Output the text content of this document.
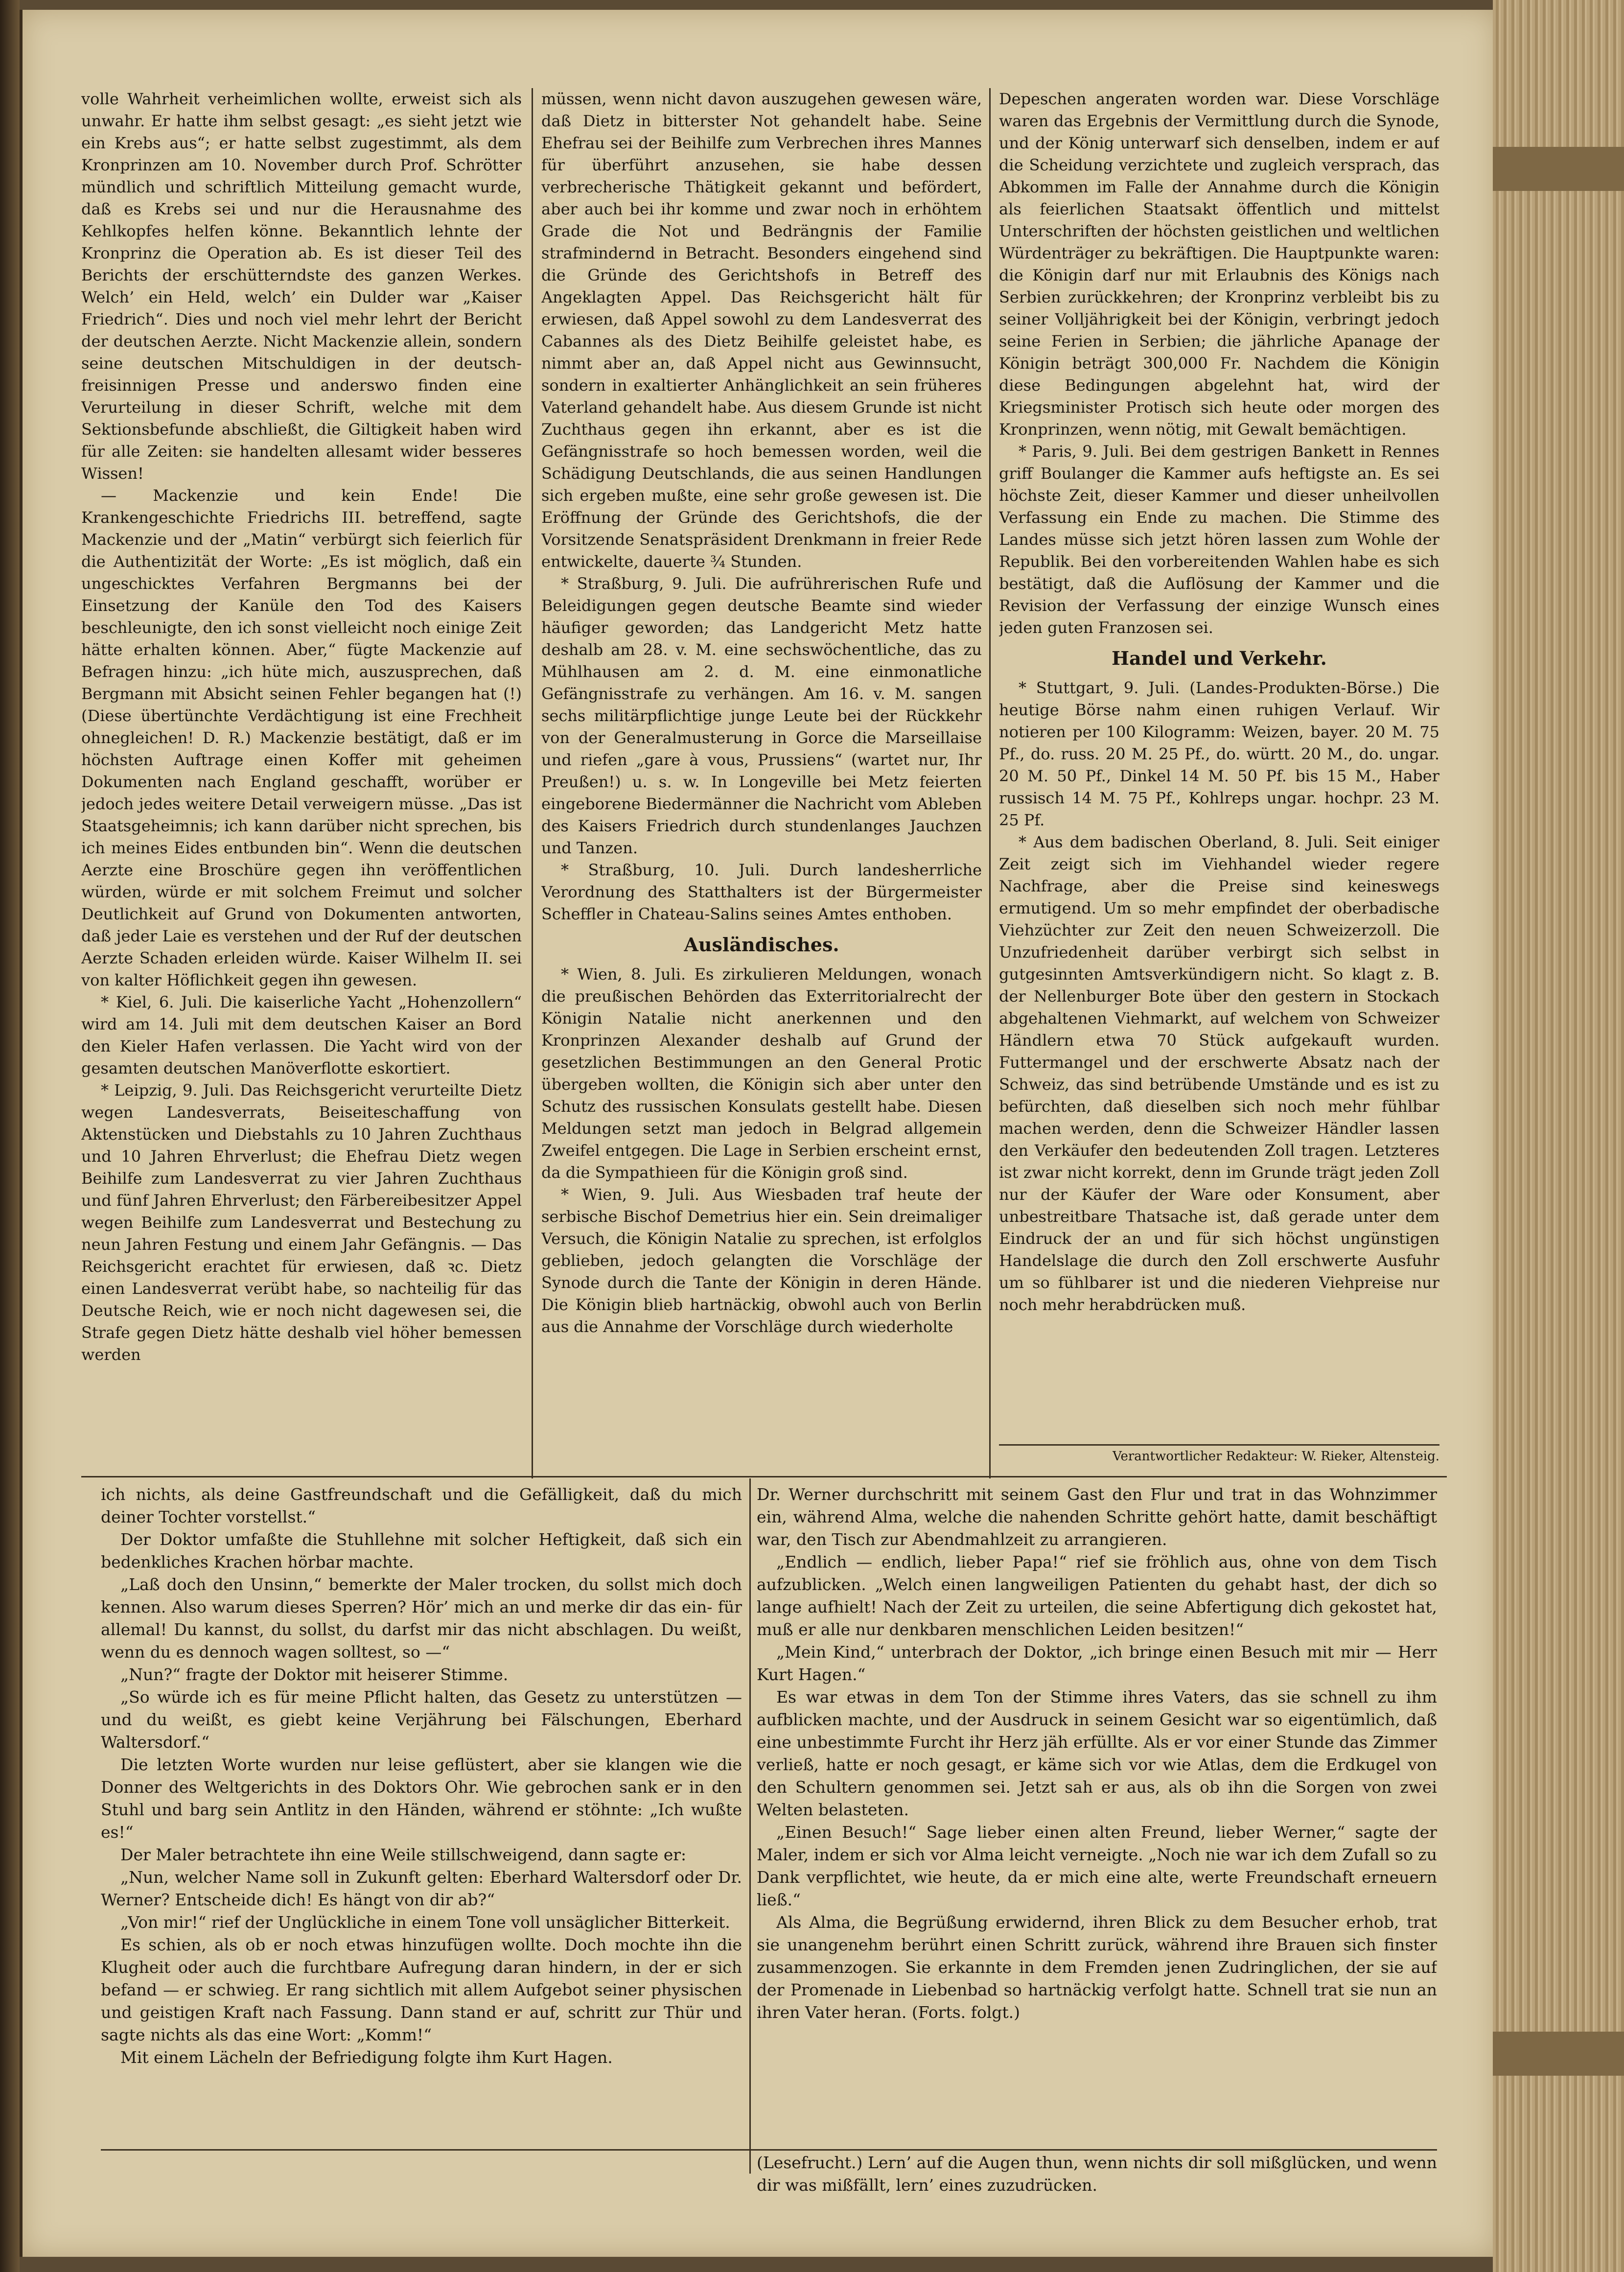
volle Wahrheit verheimlichen wollte, erweist sich als unwahr. Er hatte ihm selbst gesagt: „es sieht jetzt wie ein Krebs aus“; er hatte selbst zugestimmt, als dem Kronprinzen am 10. November durch Prof. Schrötter mündlich und schriftlich Mitteilung gemacht wurde, daß es Krebs sei und nur die Herausnahme des Kehlkopfes helfen könne. Bekanntlich lehnte der Kronprinz die Operation ab. Es ist dieser Teil des Berichts der erschütterndste des ganzen Werkes. Welch’ ein Held, welch’ ein Dulder war „Kaiser Friedrich“. Dies und noch viel mehr lehrt der Bericht der deutschen Aerzte. Nicht Mackenzie allein, sondern seine deutschen Mitschuldigen in der deutsch-freisinnigen Presse und anderswo finden eine Verurteilung in dieser Schrift, welche mit dem Sektionsbefunde abschließt, die Giltigkeit haben wird für alle Zeiten: sie handelten allesamt wider besseres Wissen!

— Mackenzie und kein Ende! Die Krankengeschichte Friedrichs III. betreffend, sagte Mackenzie und der „Matin“ verbürgt sich feierlich für die Authentizität der Worte: „Es ist möglich, daß ein ungeschicktes Verfahren Bergmanns bei der Einsetzung der Kanüle den Tod des Kaisers beschleunigte, den ich sonst vielleicht noch einige Zeit hätte erhalten können. Aber,“ fügte Mackenzie auf Befragen hinzu: „ich hüte mich, auszusprechen, daß Bergmann mit Absicht seinen Fehler begangen hat (!) (Diese übertünchte Verdächtigung ist eine Frechheit ohnegleichen! D. R.) Mackenzie bestätigt, daß er im höchsten Auftrage einen Koffer mit geheimen Dokumenten nach England geschafft, worüber er jedoch jedes weitere Detail verweigern müsse. „Das ist Staatsgeheimnis; ich kann darüber nicht sprechen, bis ich meines Eides entbunden bin“. Wenn die deutschen Aerzte eine Broschüre gegen ihn veröffentlichen würden, würde er mit solchem Freimut und solcher Deutlichkeit auf Grund von Dokumenten antworten, daß jeder Laie es verstehen und der Ruf der deutschen Aerzte Schaden erleiden würde. Kaiser Wilhelm II. sei von kalter Höflichkeit gegen ihn gewesen.

* Kiel, 6. Juli. Die kaiserliche Yacht „Hohenzollern“ wird am 14. Juli mit dem deutschen Kaiser an Bord den Kieler Hafen verlassen. Die Yacht wird von der gesamten deutschen Manöverflotte eskortiert.

* Leipzig, 9. Juli. Das Reichsgericht verurteilte Dietz wegen Landesverrats, Beiseiteschaffung von Aktenstücken und Diebstahls zu 10 Jahren Zuchthaus und 10 Jahren Ehrverlust; die Ehefrau Dietz wegen Beihilfe zum Landesverrat zu vier Jahren Zuchthaus und fünf Jahren Ehrverlust; den Färbereibesitzer Appel wegen Beihilfe zum Landesverrat und Bestechung zu neun Jahren Festung und einem Jahr Gefängnis. — Das Reichsgericht erachtet für erwiesen, daß ꝛc. Dietz einen Landesverrat verübt habe, so nachteilig für das Deutsche Reich, wie er noch nicht dagewesen sei, die Strafe gegen Dietz hätte deshalb viel höher bemessen werden

müssen, wenn nicht davon auszugehen gewesen wäre, daß Dietz in bitterster Not gehandelt habe. Seine Ehefrau sei der Beihilfe zum Verbrechen ihres Mannes für überführt anzusehen, sie habe dessen verbrecherische Thätigkeit gekannt und befördert, aber auch bei ihr komme und zwar noch in erhöhtem Grade die Not und Bedrängnis der Familie strafmindernd in Betracht. Besonders eingehend sind die Gründe des Gerichtshofs in Betreff des Angeklagten Appel. Das Reichsgericht hält für erwiesen, daß Appel sowohl zu dem Landesverrat des Cabannes als des Dietz Beihilfe geleistet habe, es nimmt aber an, daß Appel nicht aus Gewinnsucht, sondern in exaltierter Anhänglichkeit an sein früheres Vaterland gehandelt habe. Aus diesem Grunde ist nicht Zuchthaus gegen ihn erkannt, aber es ist die Gefängnisstrafe so hoch bemessen worden, weil die Schädigung Deutschlands, die aus seinen Handlungen sich ergeben mußte, eine sehr große gewesen ist. Die Eröffnung der Gründe des Gerichtshofs, die der Vorsitzende Senatspräsident Drenkmann in freier Rede entwickelte, dauerte ¾ Stunden.

* Straßburg, 9. Juli. Die aufrührerischen Rufe und Beleidigungen gegen deutsche Beamte sind wieder häufiger geworden; das Landgericht Metz hatte deshalb am 28. v. M. eine sechswöchentliche, das zu Mühlhausen am 2. d. M. eine einmonatliche Gefängnisstrafe zu verhängen. Am 16. v. M. sangen sechs militärpflichtige junge Leute bei der Rückkehr von der Generalmusterung in Gorce die Marseillaise und riefen „gare à vous, Prussiens“ (wartet nur, Ihr Preußen!) u. s. w. In Longeville bei Metz feierten eingeborene Biedermänner die Nachricht vom Ableben des Kaisers Friedrich durch stundenlanges Jauchzen und Tanzen.

* Straßburg, 10. Juli. Durch landesherrliche Verordnung des Statthalters ist der Bürgermeister Scheffler in Chateau-Salins seines Amtes enthoben.

Ausländisches.

* Wien, 8. Juli. Es zirkulieren Meldungen, wonach die preußischen Behörden das Exterritorialrecht der Königin Natalie nicht anerkennen und den Kronprinzen Alexander deshalb auf Grund der gesetzlichen Bestimmungen an den General Protic übergeben wollten, die Königin sich aber unter den Schutz des russischen Konsulats gestellt habe. Diesen Meldungen setzt man jedoch in Belgrad allgemein Zweifel entgegen. Die Lage in Serbien erscheint ernst, da die Sympathieen für die Königin groß sind.

* Wien, 9. Juli. Aus Wiesbaden traf heute der serbische Bischof Demetrius hier ein. Sein dreimaliger Versuch, die Königin Natalie zu sprechen, ist erfolglos geblieben, jedoch gelangten die Vorschläge der Synode durch die Tante der Königin in deren Hände. Die Königin blieb hartnäckig, obwohl auch von Berlin aus die Annahme der Vorschläge durch wiederholte

Depeschen angeraten worden war. Diese Vorschläge waren das Ergebnis der Vermittlung durch die Synode, und der König unterwarf sich denselben, indem er auf die Scheidung verzichtete und zugleich versprach, das Abkommen im Falle der Annahme durch die Königin als feierlichen Staatsakt öffentlich und mittelst Unterschriften der höchsten geistlichen und weltlichen Würdenträger zu bekräftigen. Die Hauptpunkte waren: die Königin darf nur mit Erlaubnis des Königs nach Serbien zurückkehren; der Kronprinz verbleibt bis zu seiner Volljährigkeit bei der Königin, verbringt jedoch seine Ferien in Serbien; die jährliche Apanage der Königin beträgt 300,000 Fr. Nachdem die Königin diese Bedingungen abgelehnt hat, wird der Kriegsminister Protisch sich heute oder morgen des Kronprinzen, wenn nötig, mit Gewalt bemächtigen.

* Paris, 9. Juli. Bei dem gestrigen Bankett in Rennes griff Boulanger die Kammer aufs heftigste an. Es sei höchste Zeit, dieser Kammer und dieser unheilvollen Verfassung ein Ende zu machen. Die Stimme des Landes müsse sich jetzt hören lassen zum Wohle der Republik. Bei den vorbereitenden Wahlen habe es sich bestätigt, daß die Auflösung der Kammer und die Revision der Verfassung der einzige Wunsch eines jeden guten Franzosen sei.

Handel und Verkehr.

* Stuttgart, 9. Juli. (Landes-Produkten-Börse.) Die heutige Börse nahm einen ruhigen Verlauf. Wir notieren per 100 Kilogramm: Weizen, bayer. 20 M. 75 Pf., do. russ. 20 M. 25 Pf., do. württ. 20 M., do. ungar. 20 M. 50 Pf., Dinkel 14 M. 50 Pf. bis 15 M., Haber russisch 14 M. 75 Pf., Kohlreps ungar. hochpr. 23 M. 25 Pf.

* Aus dem badischen Oberland, 8. Juli. Seit einiger Zeit zeigt sich im Viehhandel wieder regere Nachfrage, aber die Preise sind keineswegs ermutigend. Um so mehr empfindet der oberbadische Viehzüchter zur Zeit den neuen Schweizerzoll. Die Unzufriedenheit darüber verbirgt sich selbst in gutgesinnten Amtsverkündigern nicht. So klagt z. B. der Nellenburger Bote über den gestern in Stockach abgehaltenen Viehmarkt, auf welchem von Schweizer Händlern etwa 70 Stück aufgekauft wurden. Futtermangel und der erschwerte Absatz nach der Schweiz, das sind betrübende Umstände und es ist zu befürchten, daß dieselben sich noch mehr fühlbar machen werden, denn die Schweizer Händler lassen den Verkäufer den bedeutenden Zoll tragen. Letzteres ist zwar nicht korrekt, denn im Grunde trägt jeden Zoll nur der Käufer der Ware oder Konsument, aber unbestreitbare Thatsache ist, daß gerade unter dem Eindruck der an und für sich höchst ungünstigen Handelslage die durch den Zoll erschwerte Ausfuhr um so fühlbarer ist und die niederen Viehpreise nur noch mehr herabdrücken muß.

Verantwortlicher Redakteur: W. Rieker, Altensteig.

ich nichts, als deine Gastfreundschaft und die Gefälligkeit, daß du mich deiner Tochter vorstellst.“

Der Doktor umfaßte die Stuhllehne mit solcher Heftigkeit, daß sich ein bedenkliches Krachen hörbar machte.

„Laß doch den Unsinn,“ bemerkte der Maler trocken, du sollst mich doch kennen. Also warum dieses Sperren? Hör’ mich an und merke dir das ein- für allemal! Du kannst, du sollst, du darfst mir das nicht abschlagen. Du weißt, wenn du es dennoch wagen solltest, so —“

„Nun?“ fragte der Doktor mit heiserer Stimme.

„So würde ich es für meine Pflicht halten, das Gesetz zu unterstützen — und du weißt, es giebt keine Verjährung bei Fälschungen, Eberhard Waltersdorf.“

Die letzten Worte wurden nur leise geflüstert, aber sie klangen wie die Donner des Weltgerichts in des Doktors Ohr. Wie gebrochen sank er in den Stuhl und barg sein Antlitz in den Händen, während er stöhnte: „Ich wußte es!“

Der Maler betrachtete ihn eine Weile stillschweigend, dann sagte er:

„Nun, welcher Name soll in Zukunft gelten: Eberhard Waltersdorf oder Dr. Werner? Entscheide dich! Es hängt von dir ab?“

„Von mir!“ rief der Unglückliche in einem Tone voll unsäglicher Bitterkeit.

Es schien, als ob er noch etwas hinzufügen wollte. Doch mochte ihn die Klugheit oder auch die furchtbare Aufregung daran hindern, in der er sich befand — er schwieg. Er rang sichtlich mit allem Aufgebot seiner physischen und geistigen Kraft nach Fassung. Dann stand er auf, schritt zur Thür und sagte nichts als das eine Wort: „Komm!“

Mit einem Lächeln der Befriedigung folgte ihm Kurt Hagen.

Dr. Werner durchschritt mit seinem Gast den Flur und trat in das Wohnzimmer ein, während Alma, welche die nahenden Schritte gehört hatte, damit beschäftigt war, den Tisch zur Abendmahlzeit zu arrangieren.

„Endlich — endlich, lieber Papa!“ rief sie fröhlich aus, ohne von dem Tisch aufzublicken. „Welch einen langweiligen Patienten du gehabt hast, der dich so lange aufhielt! Nach der Zeit zu urteilen, die seine Abfertigung dich gekostet hat, muß er alle nur denkbaren menschlichen Leiden besitzen!“

„Mein Kind,“ unterbrach der Doktor, „ich bringe einen Besuch mit mir — Herr Kurt Hagen.“

Es war etwas in dem Ton der Stimme ihres Vaters, das sie schnell zu ihm aufblicken machte, und der Ausdruck in seinem Gesicht war so eigentümlich, daß eine unbestimmte Furcht ihr Herz jäh erfüllte. Als er vor einer Stunde das Zimmer verließ, hatte er noch gesagt, er käme sich vor wie Atlas, dem die Erdkugel von den Schultern genommen sei. Jetzt sah er aus, als ob ihn die Sorgen von zwei Welten belasteten.

„Einen Besuch!“ Sage lieber einen alten Freund, lieber Werner,“ sagte der Maler, indem er sich vor Alma leicht verneigte. „Noch nie war ich dem Zufall so zu Dank verpflichtet, wie heute, da er mich eine alte, werte Freundschaft erneuern ließ.“

Als Alma, die Begrüßung erwidernd, ihren Blick zu dem Besucher erhob, trat sie unangenehm berührt einen Schritt zurück, während ihre Brauen sich finster zusammenzogen. Sie erkannte in dem Fremden jenen Zudringlichen, der sie auf der Promenade in Liebenbad so hartnäckig verfolgt hatte. Schnell trat sie nun an ihren Vater heran. (Forts. folgt.)

(Lesefrucht.) Lern’ auf die Augen thun, wenn nichts dir soll mißglücken, und wenn dir was mißfällt, lern’ eines zuzudrücken.
